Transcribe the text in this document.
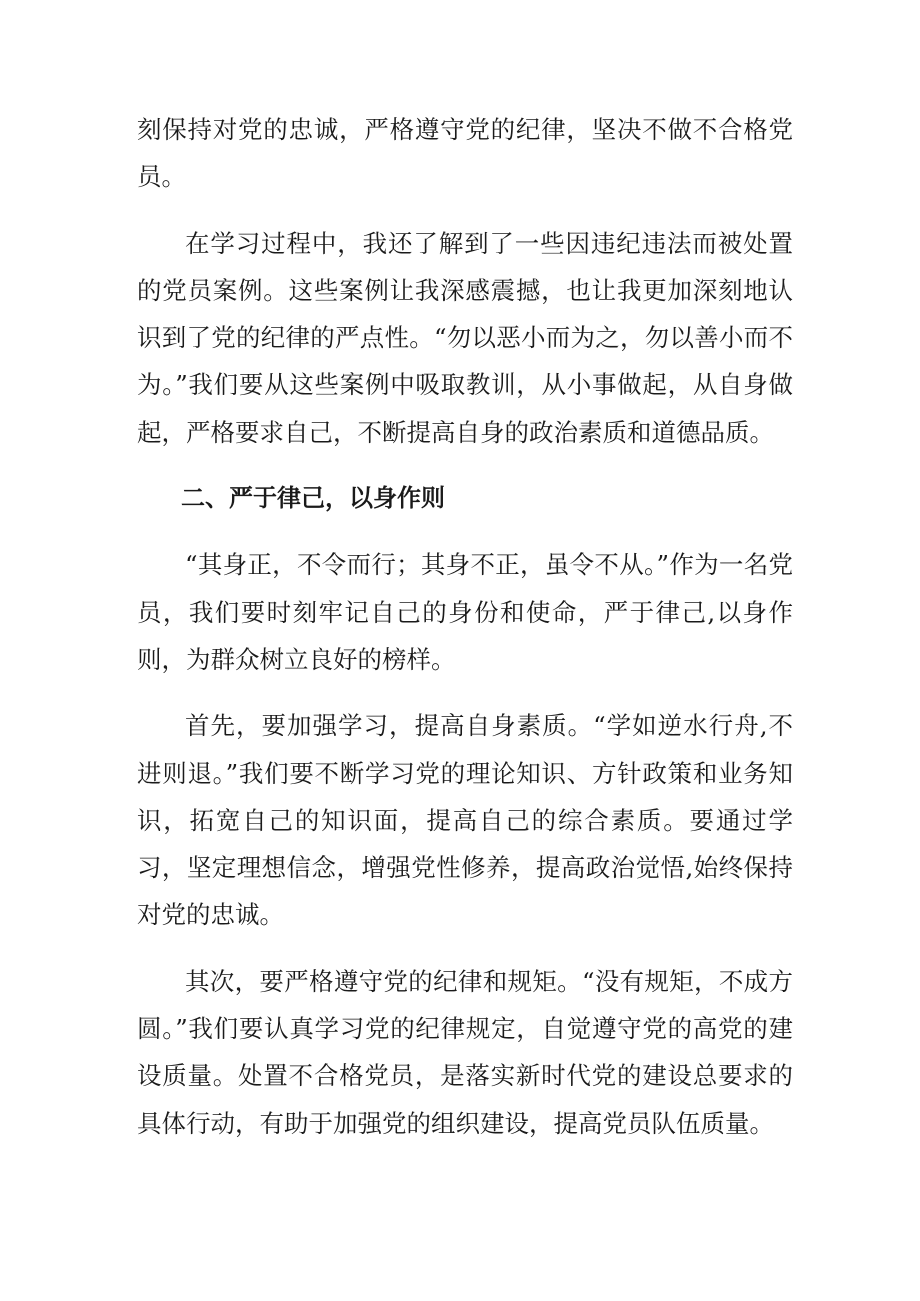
刻保持对党的忠诚，严格遵守党的纪律，坚决不做不合格党员。

在学习过程中，我还了解到了一些因违纪违法而被处置的党员案例。这些案例让我深感震撼，也让我更加深刻地认识到了党的纪律的严点性。“勿以恶小而为之，勿以善小而不为。”我们要从这些案例中吸取教训，从小事做起，从自身做起，严格要求自己，不断提高自身的政治素质和道德品质。

二、严于律己，以身作则

“其身正，不令而行；其身不正，虽令不从。”作为一名党员，我们要时刻牢记自己的身份和使命，严于律己,以身作则，为群众树立良好的榜样。

首先，要加强学习，提高自身素质。“学如逆水行舟,不进则退。”我们要不断学习党的理论知识、方针政策和业务知识，拓宽自己的知识面，提高自己的综合素质。要通过学习，坚定理想信念，增强党性修养，提高政治觉悟,始终保持对党的忠诚。

其次，要严格遵守党的纪律和规矩。“没有规矩，不成方圆。”我们要认真学习党的纪律规定，自觉遵守党的高党的建设质量。处置不合格党员，是落实新时代党的建设总要求的具体行动，有助于加强党的组织建设，提高党员队伍质量。
